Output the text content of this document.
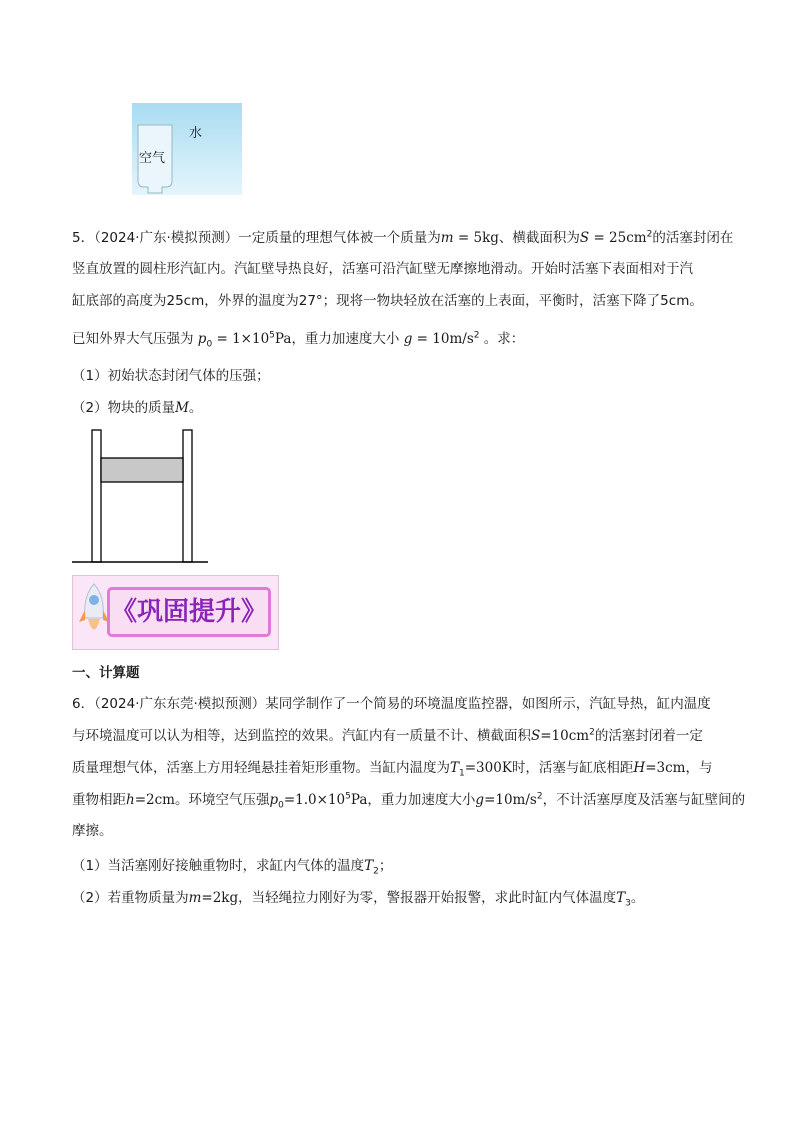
水
空气
5．（2024·广东·模拟预测）一定质量的理想气体被一个质量为m = 5kg、横截面积为$S = 25cm^2$的活塞封闭在
竖直放置的圆柱形汽缸内。汽缸壁导热良好，活塞可沿汽缸壁无摩擦地滑动。开始时活塞下表面相对于汽
缸底部的高度为25cm，外界的温度为27°；现将一物块轻放在活塞的上表面，平衡时，活塞下降了5cm。
已知外界大气压强为 $p_0 = 1\times 10^5Pa$，重力加速度大小 $g = 10m/s^2$ 。求：
（1）初始状态封闭气体的压强；
（2）物块的质量M。
《巩固提升》
一、计算题
6．（2024·广东东莞·模拟预测）某同学制作了一个简易的环境温度监控器，如图所示，汽缸导热，缸内温度
与环境温度可以认为相等，达到监控的效果。汽缸内有一质量不计、横截面积$S=10cm^2$的活塞封闭着一定
质量理想气体，活塞上方用轻绳悬挂着矩形重物。当缸内温度为$T_1=300K$时，活塞与缸底相距H=3cm，与
重物相距h=2cm。环境空气压强$p_0=1.0\times 10^5Pa$，重力加速度大小$g=10m/s^2$，不计活塞厚度及活塞与缸壁间的
摩擦。
（1）当活塞刚好接触重物时，求缸内气体的温度$T_2$；
（2）若重物质量为m=2kg，当轻绳拉力刚好为零，警报器开始报警，求此时缸内气体温度$T_3$。
